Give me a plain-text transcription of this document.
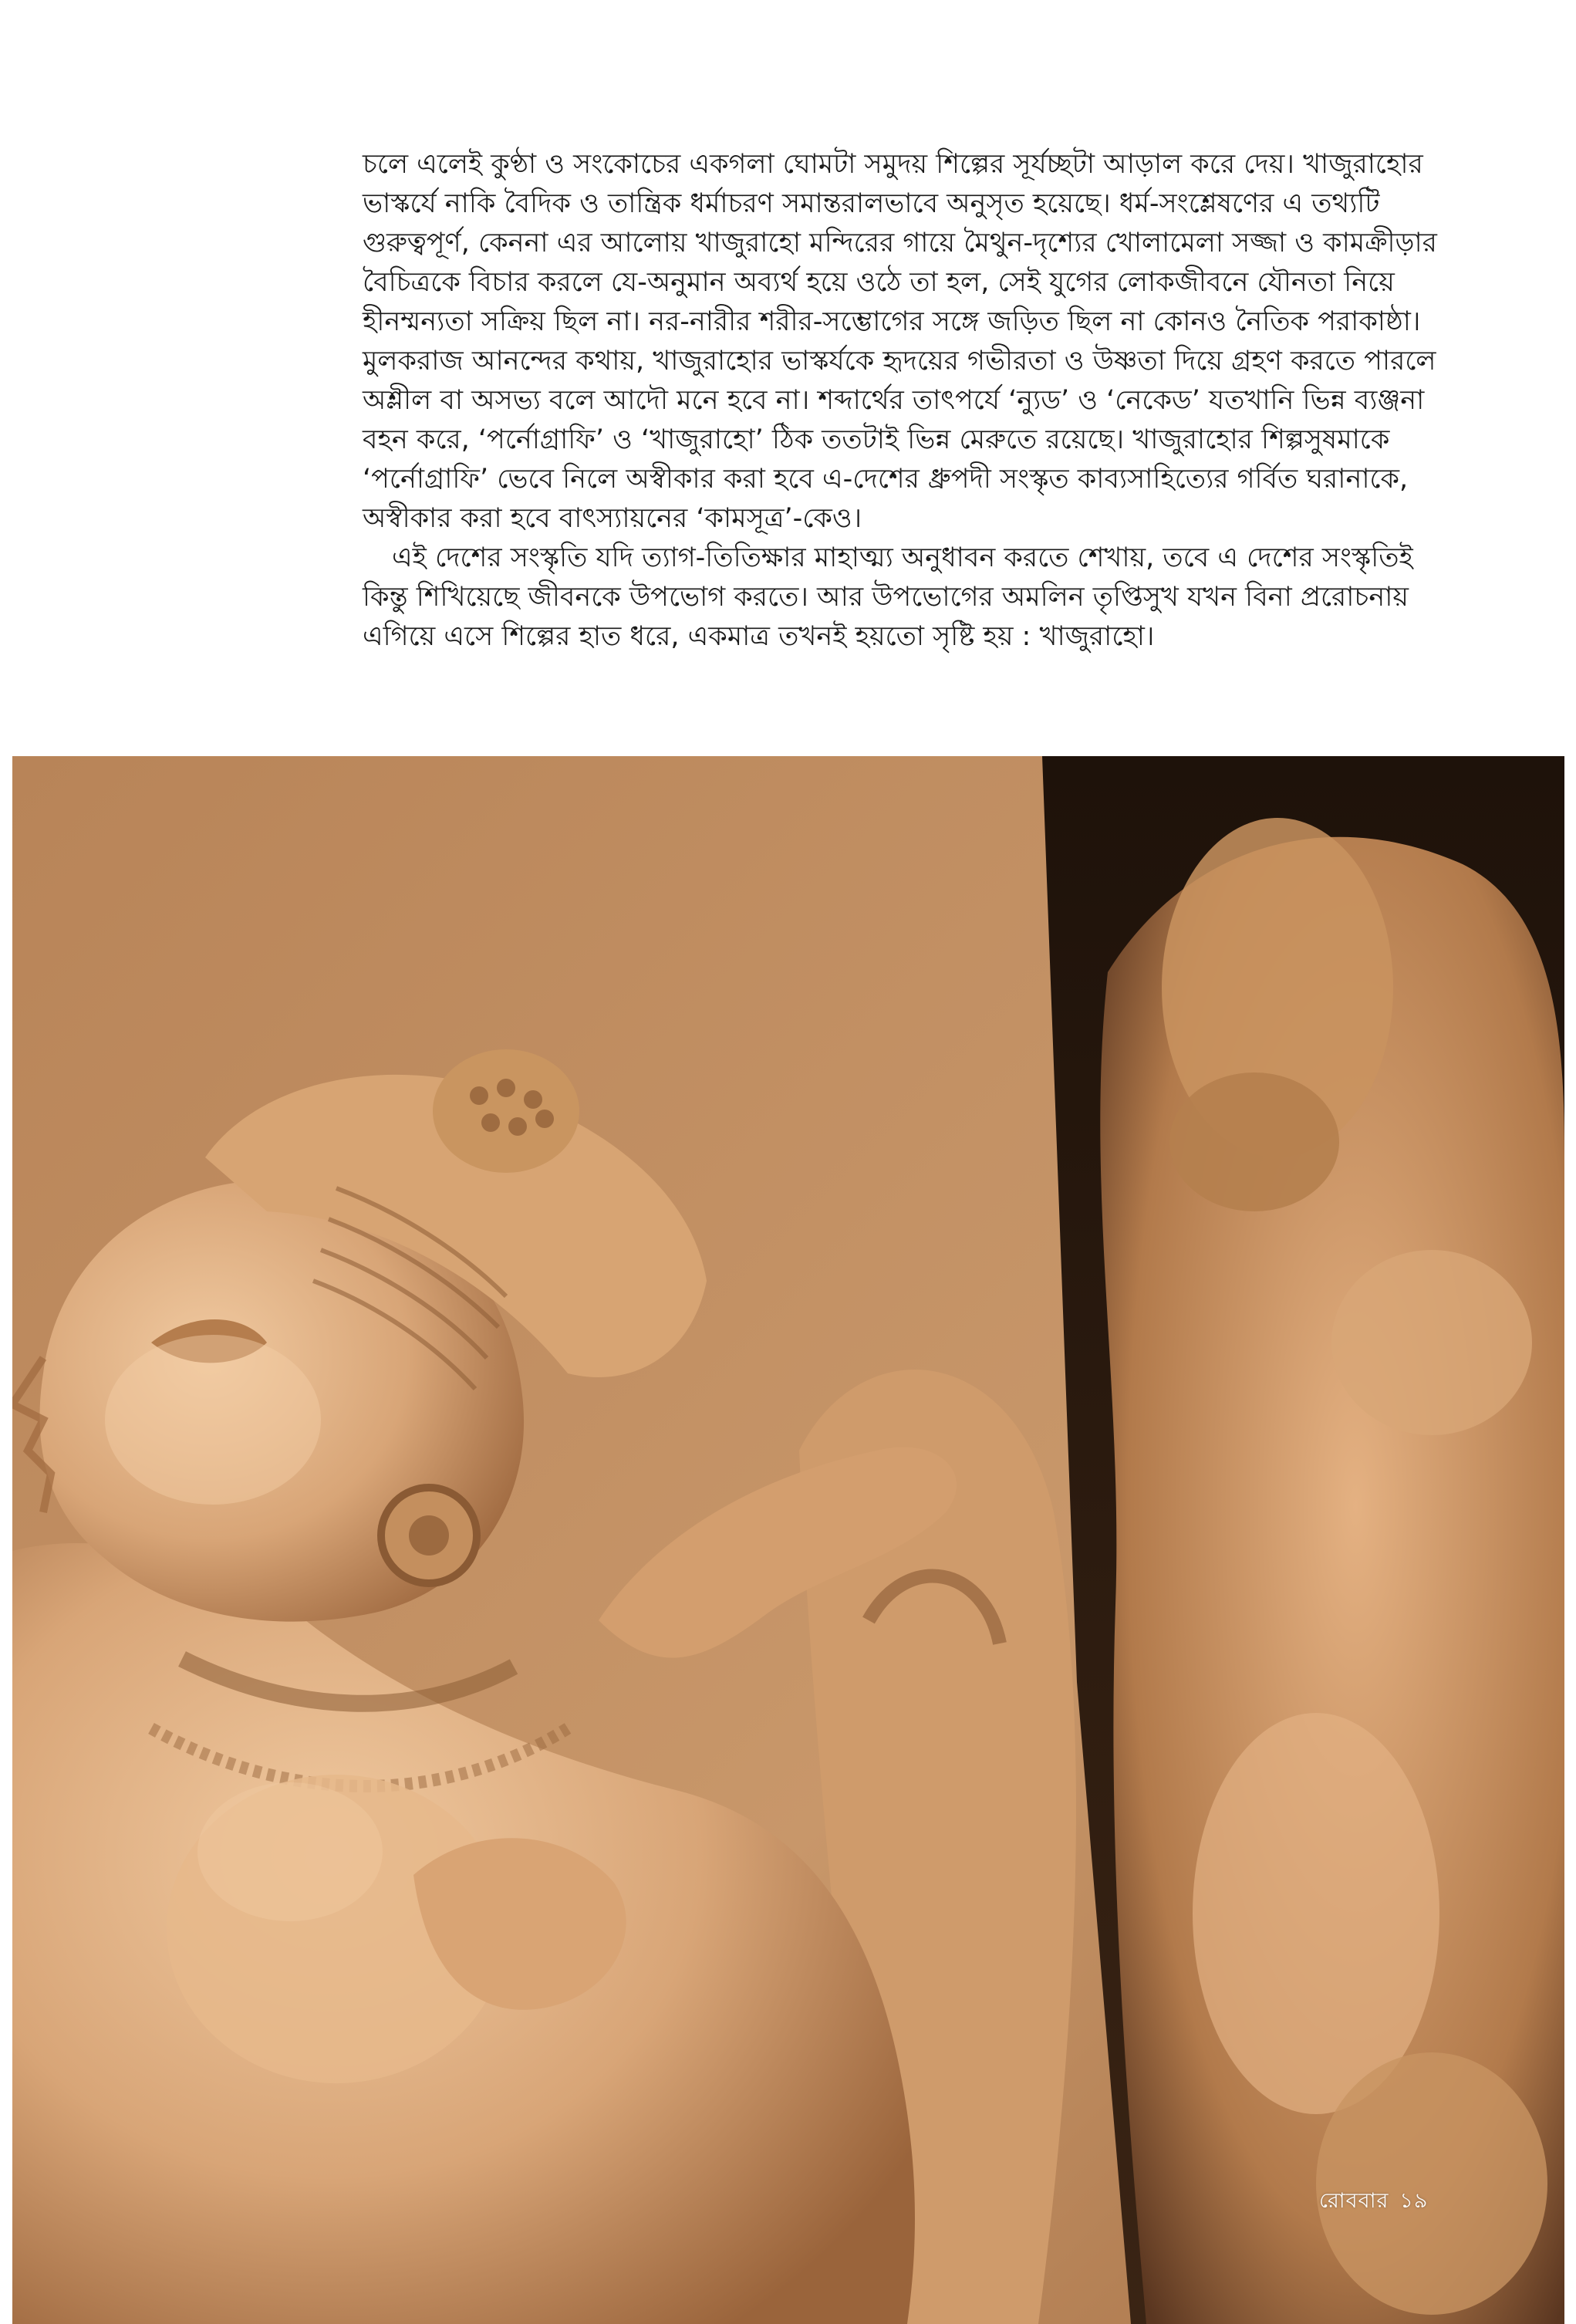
চলে এলেই কুণ্ঠা ও সংকোচের একগলা ঘোমটা সমুদয় শিল্পের সূর্যচ্ছটা আড়াল করে দেয়। খাজুরাহোর ভাস্কর্যে নাকি বৈদিক ও তান্ত্রিক ধর্মাচরণ সমান্তরালভাবে অনুসৃত হয়েছে। ধর্ম-সংশ্লেষণের এ তথ্যটি গুরুত্বপূর্ণ, কেননা এর আলোয় খাজুরাহো মন্দিরের গায়ে মৈথুন-দৃশ্যের খোলামেলা সজ্জা ও কামক্রীড়ার বৈচিত্রকে বিচার করলে যে-অনুমান অব্যর্থ হয়ে ওঠে তা হল, সেই যুগের লোকজীবনে যৌনতা নিয়ে হীনম্মন্যতা সক্রিয় ছিল না। নর-নারীর শরীর-সম্ভোগের সঙ্গে জড়িত ছিল না কোনও নৈতিক পরাকাষ্ঠা। মুলকরাজ আনন্দের কথায়, খাজুরাহোর ভাস্কর্যকে হৃদয়ের গভীরতা ও উষ্ণতা দিয়ে গ্রহণ করতে পারলে অশ্লীল বা অসভ্য বলে আদৌ মনে হবে না। শব্দার্থের তাৎপর্যে ‘ন্যুড’ ও ‘নেকেড’ যতখানি ভিন্ন ব্যঞ্জনা বহন করে, ‘পর্নোগ্রাফি’ ও ‘খাজুরাহো’ ঠিক ততটাই ভিন্ন মেরুতে রয়েছে। খাজুরাহোর শিল্পসুষমাকে ‘পর্নোগ্রাফি’ ভেবে নিলে অস্বীকার করা হবে এ-দেশের ধ্রুপদী সংস্কৃত কাব্যসাহিত্যের গর্বিত ঘরানাকে, অস্বীকার করা হবে বাৎস্যায়নের ‘কামসূত্র’-কেও।

এই দেশের সংস্কৃতি যদি ত্যাগ-তিতিক্ষার মাহাত্ম্য অনুধাবন করতে শেখায়, তবে এ দেশের সংস্কৃতিই কিন্তু শিখিয়েছে জীবনকে উপভোগ করতে। আর উপভোগের অমলিন তৃপ্তিসুখ যখন বিনা প্ররোচনায় এগিয়ে এসে শিল্পের হাত ধরে, একমাত্র তখনই হয়তো সৃষ্টি হয় : খাজুরাহো।

রোববার ১৯
